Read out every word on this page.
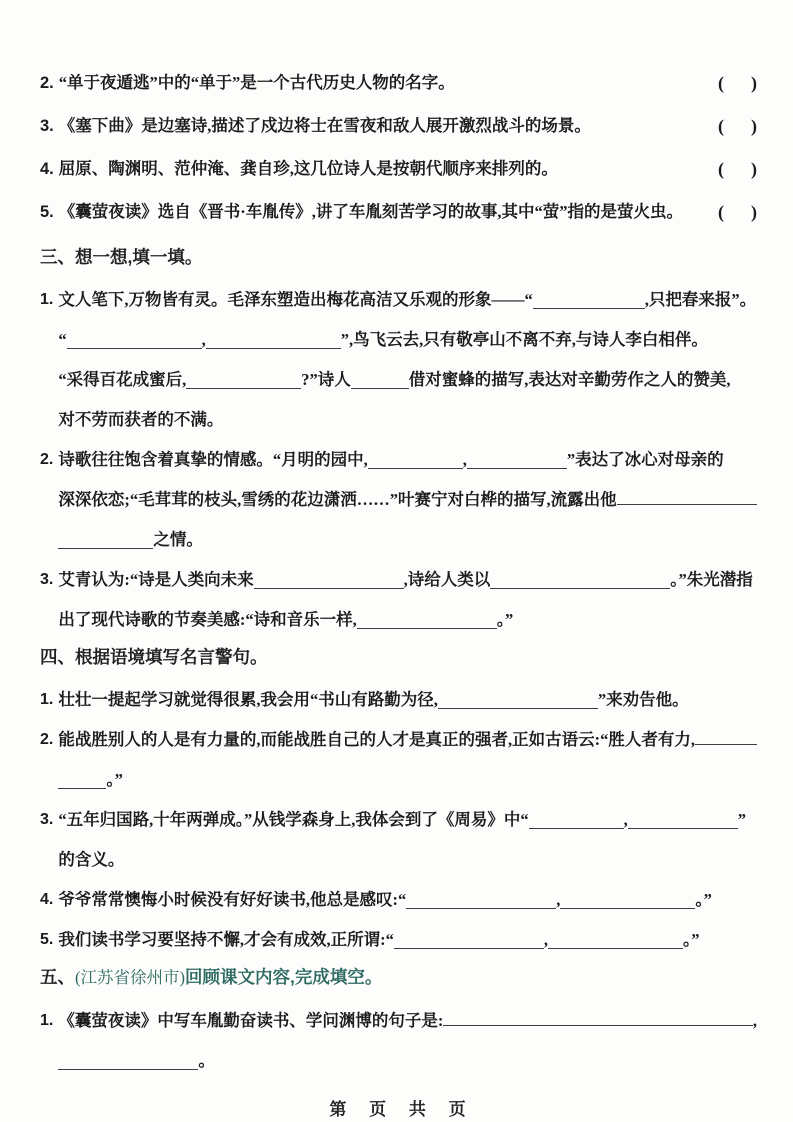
2. “单于夜遁逃”中的“单于”是一个古代历史人物的名字。	( )
3. 《塞下曲》是边塞诗,描述了戍边将士在雪夜和敌人展开激烈战斗的场景。	( )
4. 屈原、陶渊明、范仲淹、龚自珍,这几位诗人是按朝代顺序来排列的。	( )
5. 《囊萤夜读》选自《晋书·车胤传》,讲了车胤刻苦学习的故事,其中“萤”指的是萤火虫。	( )
三、想一想,填一填。
1. 文人笔下,万物皆有灵。毛泽东塑造出梅花高洁又乐观的形象——“	,只把春来报”。
“	,	”,鸟飞云去,只有敬亭山不离不弃,与诗人李白相伴。
“采得百花成蜜后,	?”诗人	借对蜜蜂的描写,表达对辛勤劳作之人的赞美,
对不劳而获者的不满。
2. 诗歌往往饱含着真挚的情感。“月明的园中,	,	”表达了冰心对母亲的
深深依恋;“毛茸茸的枝头,雪绣的花边潇洒……”叶赛宁对白桦的描写,流露出他
之情。
3. 艾青认为:“诗是人类向未来	,诗给人类以	。”朱光潜指
出了现代诗歌的节奏美感:“诗和音乐一样,	。”
四、根据语境填写名言警句。
1. 壮壮一提起学习就觉得很累,我会用“书山有路勤为径,	”来劝告他。
2. 能战胜别人的人是有力量的,而能战胜自己的人才是真正的强者,正如古语云:“胜人者有力,
。”
3. “五年归国路,十年两弹成。”从钱学森身上,我体会到了《周易》中“	,	”
的含义。
4. 爷爷常常懊悔小时候没有好好读书,他总是感叹:“	,	。”
5. 我们读书学习要坚持不懈,才会有成效,正所谓:“	,	。”
五、(江苏省徐州市)回顾课文内容,完成填空。
1. 《囊萤夜读》中写车胤勤奋读书、学问渊博的句子是:	,
。
第 页 共 页
